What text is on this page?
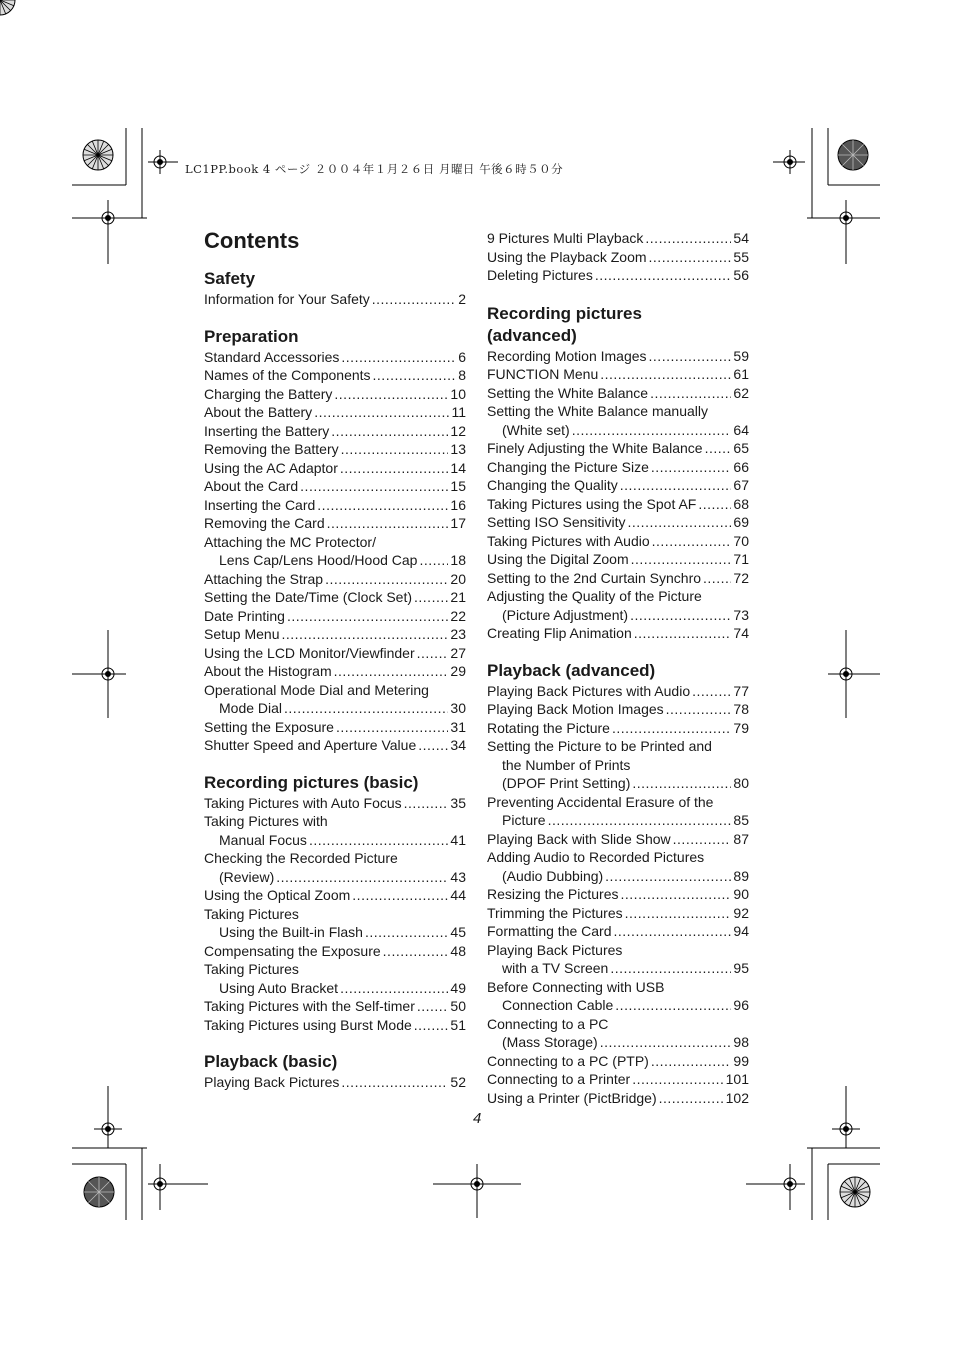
LC1PP.book 4 ページ ２００４年１月２６日 月曜日 午後６時５０分
Contents
Safety
Information for Your Safety .....	2
Preparation
Standard Accessories .....	6
Names of the Components .....	8
Charging the Battery .....	10
About the Battery .....	11
Inserting the Battery .....	12
Removing the Battery .....	13
Using the AC Adaptor .....	14
About the Card .....	15
Inserting the Card .....	16
Removing the Card .....	17
Attaching the MC Protector/
Lens Cap/Lens Hood/Hood Cap ..... 18
Attaching the Strap .....	20
Setting the Date/Time (Clock Set) .....	21
Date Printing .....	22
Setup Menu .....	23
Using the LCD Monitor/Viewfinder .....	27
About the Histogram .....	29
Operational Mode Dial and Metering
Mode Dial .....	30
Setting the Exposure .....	31
Shutter Speed and Aperture Value ..... 34
Recording pictures (basic)
Taking Pictures with Auto Focus .....	35
Taking Pictures with
Manual Focus .....	41
Checking the Recorded Picture
(Review) .....	43
Using the Optical Zoom .....	44
Taking Pictures
Using the Built-in Flash .....	45
Compensating the Exposure .....	48
Taking Pictures
Using Auto Bracket .....	49
Taking Pictures with the Self-timer .....	50
Taking Pictures using Burst Mode .....	51
Playback (basic)
Playing Back Pictures .....	52
9 Pictures Multi Playback .....	54
Using the Playback Zoom .....	55
Deleting Pictures .....	56
Recording pictures
(advanced)
Recording Motion Images .....	59
FUNCTION Menu .....	61
Setting the White Balance .....	62
Setting the White Balance manually
(White set) .....	64
Finely Adjusting the White Balance ..... 65
Changing the Picture Size .....	66
Changing the Quality .....	67
Taking Pictures using the Spot AF .....	68
Setting ISO Sensitivity .....	69
Taking Pictures with Audio .....	70
Using the Digital Zoom .....	71
Setting to the 2nd Curtain Synchro ..... 72
Adjusting the Quality of the Picture
(Picture Adjustment) .....	73
Creating Flip Animation .....	74
Playback (advanced)
Playing Back Pictures with Audio .....	77
Playing Back Motion Images .....	78
Rotating the Picture .....	79
Setting the Picture to be Printed and
the Number of Prints
(DPOF Print Setting) .....	80
Preventing Accidental Erasure of the
Picture .....	85
Playing Back with Slide Show .....	87
Adding Audio to Recorded Pictures
(Audio Dubbing) .....	89
Resizing the Pictures .....	90
Trimming the Pictures .....	92
Formatting the Card .....	94
Playing Back Pictures
with a TV Screen .....	95
Before Connecting with USB
Connection Cable .....	96
Connecting to a PC
(Mass Storage) .....	98
Connecting to a PC (PTP) .....	99
Connecting to a Printer .....	101
Using a Printer (PictBridge) .....	102
4
